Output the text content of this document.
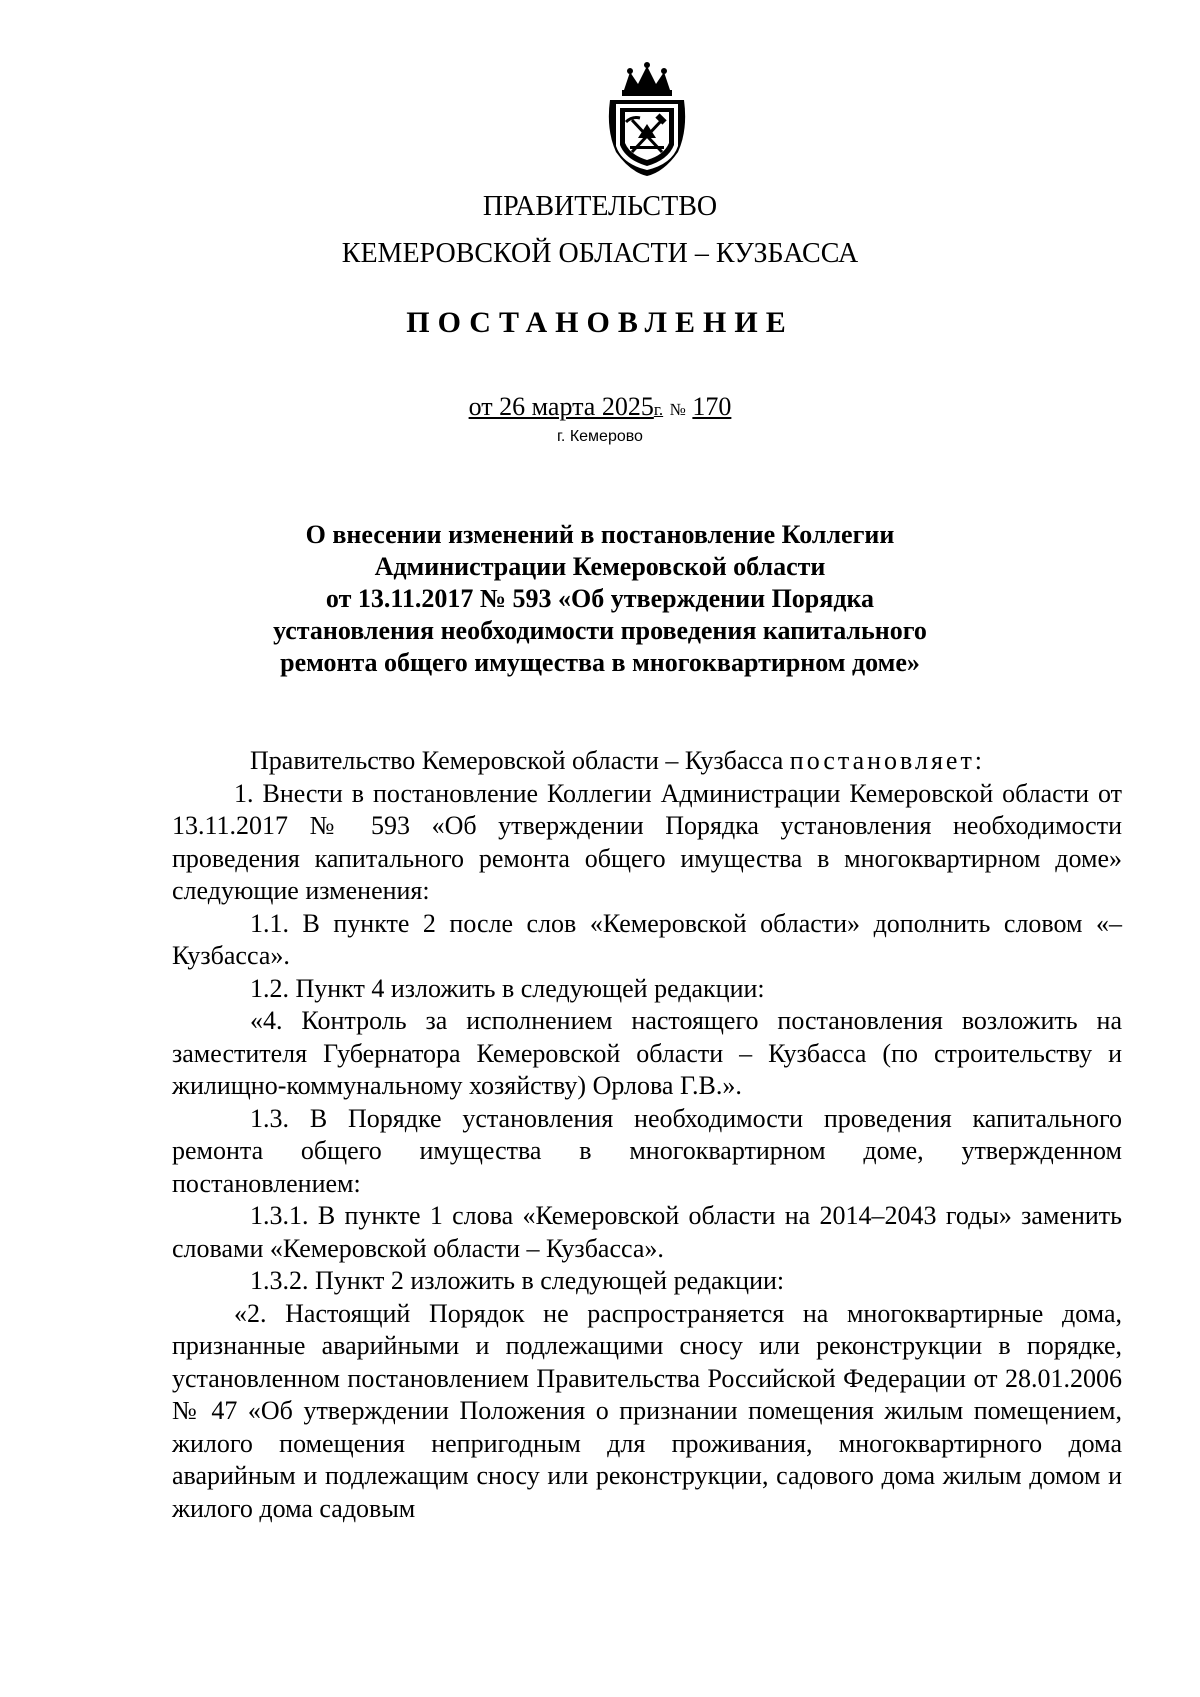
ПРАВИТЕЛЬСТВО
КЕМЕРОВСКОЙ ОБЛАСТИ – КУЗБАССА
ПОСТАНОВЛЕНИЕ
от 26 марта 2025г. № 170
г. Кемерово
О внесении изменений в постановление Коллегии
Администрации Кемеровской области
от 13.11.2017 № 593 «Об утверждении Порядка
установления необходимости проведения капитального
ремонта общего имущества в многоквартирном доме»

Правительство Кемеровской области – Кузбасса постановляет:

1. Внести в постановление Коллегии Администрации Кемеровской области от 13.11.2017 № 593 «Об утверждении Порядка установления необходимости проведения капитального ремонта общего имущества в многоквартирном доме» следующие изменения:

1.1. В пункте 2 после слов «Кемеровской области» дополнить словом «– Кузбасса».

1.2. Пункт 4 изложить в следующей редакции:

«4. Контроль за исполнением настоящего постановления возложить на заместителя Губернатора Кемеровской области – Кузбасса (по строительству и жилищно-коммунальному хозяйству) Орлова Г.В.».

1.3. В Порядке установления необходимости проведения капитального ремонта общего имущества в многоквартирном доме, утвержденном постановлением:

1.3.1. В пункте 1 слова «Кемеровской области на 2014–2043 годы» заменить словами «Кемеровской области – Кузбасса».

1.3.2. Пункт 2 изложить в следующей редакции:

«2. Настоящий Порядок не распространяется на многоквартирные дома, признанные аварийными и подлежащими сносу или реконструкции в порядке, установленном постановлением Правительства Российской Федерации от 28.01.2006 № 47 «Об утверждении Положения о признании помещения жилым помещением, жилого помещения непригодным для проживания, многоквартирного дома аварийным и подлежащим сносу или реконструкции, садового дома жилым домом и жилого дома садовым
